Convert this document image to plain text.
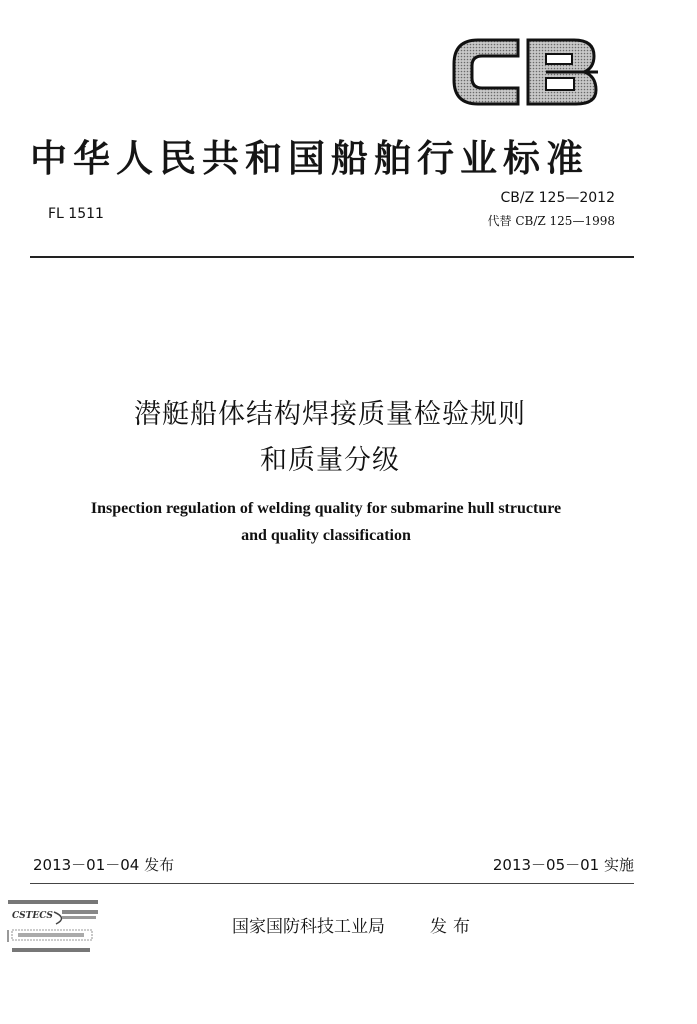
中华人民共和国船舶行业标准
FL 1511
CB/Z 125—2012
代替 CB/Z 125—1998
潜艇船体结构焊接质量检验规则
和质量分级
Inspection regulation of welding quality for submarine hull structure
and quality classification
2013－01－04 发布	2013－05－01 实施
CSTECS
国家国防科技工业局	发布
